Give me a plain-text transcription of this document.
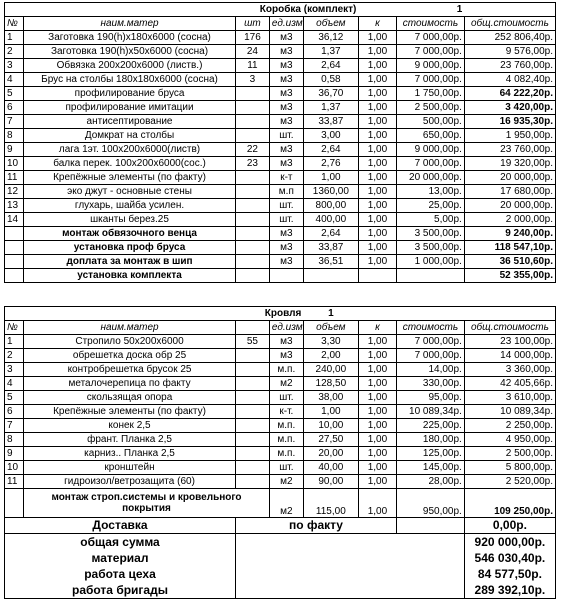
		Коробка (комплект)			1		
№	наим.матер	шт	ед.изм	объем	к	стоимость	общ.стоимость
1	Заготовка 190(h)x180x6000 (сосна)	176	м3	36,12	1,00	7 000,00р.	252 806,40р.
2	Заготовка 190(h)x50x6000 (сосна)	24	м3	1,37	1,00	7 000,00р.	9 576,00р.
3	Обвязка 200x200x6000 (листв.)	11	м3	2,64	1,00	9 000,00р.	23 760,00р.
4	Брус на столбы 180x180x6000 (сосна)	3	м3	0,58	1,00	7 000,00р.	4 082,40р.
5	профилирование бруса		м3	36,70	1,00	1 750,00р.	64 222,20р.
6	профилирование имитации		м3	1,37	1,00	2 500,00р.	3 420,00р.
7	антисептирование		м3	33,87	1,00	500,00р.	16 935,30р.
8	Домкрат на столбы		шт.	3,00	1,00	650,00р.	1 950,00р.
9	лага 1эт. 100x200x6000(листв)	22	м3	2,64	1,00	9 000,00р.	23 760,00р.
10	балка перек. 100x200x6000(сос.)	23	м3	2,76	1,00	7 000,00р.	19 320,00р.
11	Крепёжные элементы (по факту)		к-т	1,00	1,00	20 000,00р.	20 000,00р.
12	эко джут - основные стены		м.п	1360,00	1,00	13,00р.	17 680,00р.
13	глухарь, шайба усилен.		шт.	800,00	1,00	25,00р.	20 000,00р.
14	шканты берез.25		шт.	400,00	1,00	5,00р.	2 000,00р.
	монтаж обвязочного венца		м3	2,64	1,00	3 500,00р.	9 240,00р.
	установка проф бруса		м3	33,87	1,00	3 500,00р.	118 547,10р.
	доплата за монтаж в шип		м3	36,51	1,00	1 000,00р.	36 510,60р.
	установка комплекта						52 355,00р.
		Кровля		1			
№	наим.матер		ед.изм	объем	к	стоимость	общ.стоимость
1	Стропило 50x200x6000	55	м3	3,30	1,00	7 000,00р.	23 100,00р.
2	обрешетка доска обр 25		м3	2,00	1,00	7 000,00р.	14 000,00р.
3	контробрешетка брусок 25		м.п.	240,00	1,00	14,00р.	3 360,00р.
4	металочерепица по факту		м2	128,50	1,00	330,00р.	42 405,66р.
5	скользящая опора		шт.	38,00	1,00	95,00р.	3 610,00р.
6	Крепёжные элементы (по факту)		к-т.	1,00	1,00	10 089,34р.	10 089,34р.
7	конек 2,5		м.п.	10,00	1,00	225,00р.	2 250,00р.
8	франт. Планка 2,5		м.п.	27,50	1,00	180,00р.	4 950,00р.
9	карниз.. Планка 2,5		м.п.	20,00	1,00	125,00р.	2 500,00р.
10	кронштейн		шт.	40,00	1,00	145,00р.	5 800,00р.
11	гидроизол/ветрозащита (60)		м2	90,00	1,00	28,00р.	2 520,00р.
	монтаж строп.системы и кровельного покрытия		м2	115,00	1,00	950,00р.	109 250,00р.
Доставка		по факту					0,00р.
общая сумма							920 000,00р.
материал							546 030,40р.
работа цеха							84 577,50р.
работа бригады							289 392,10р.
